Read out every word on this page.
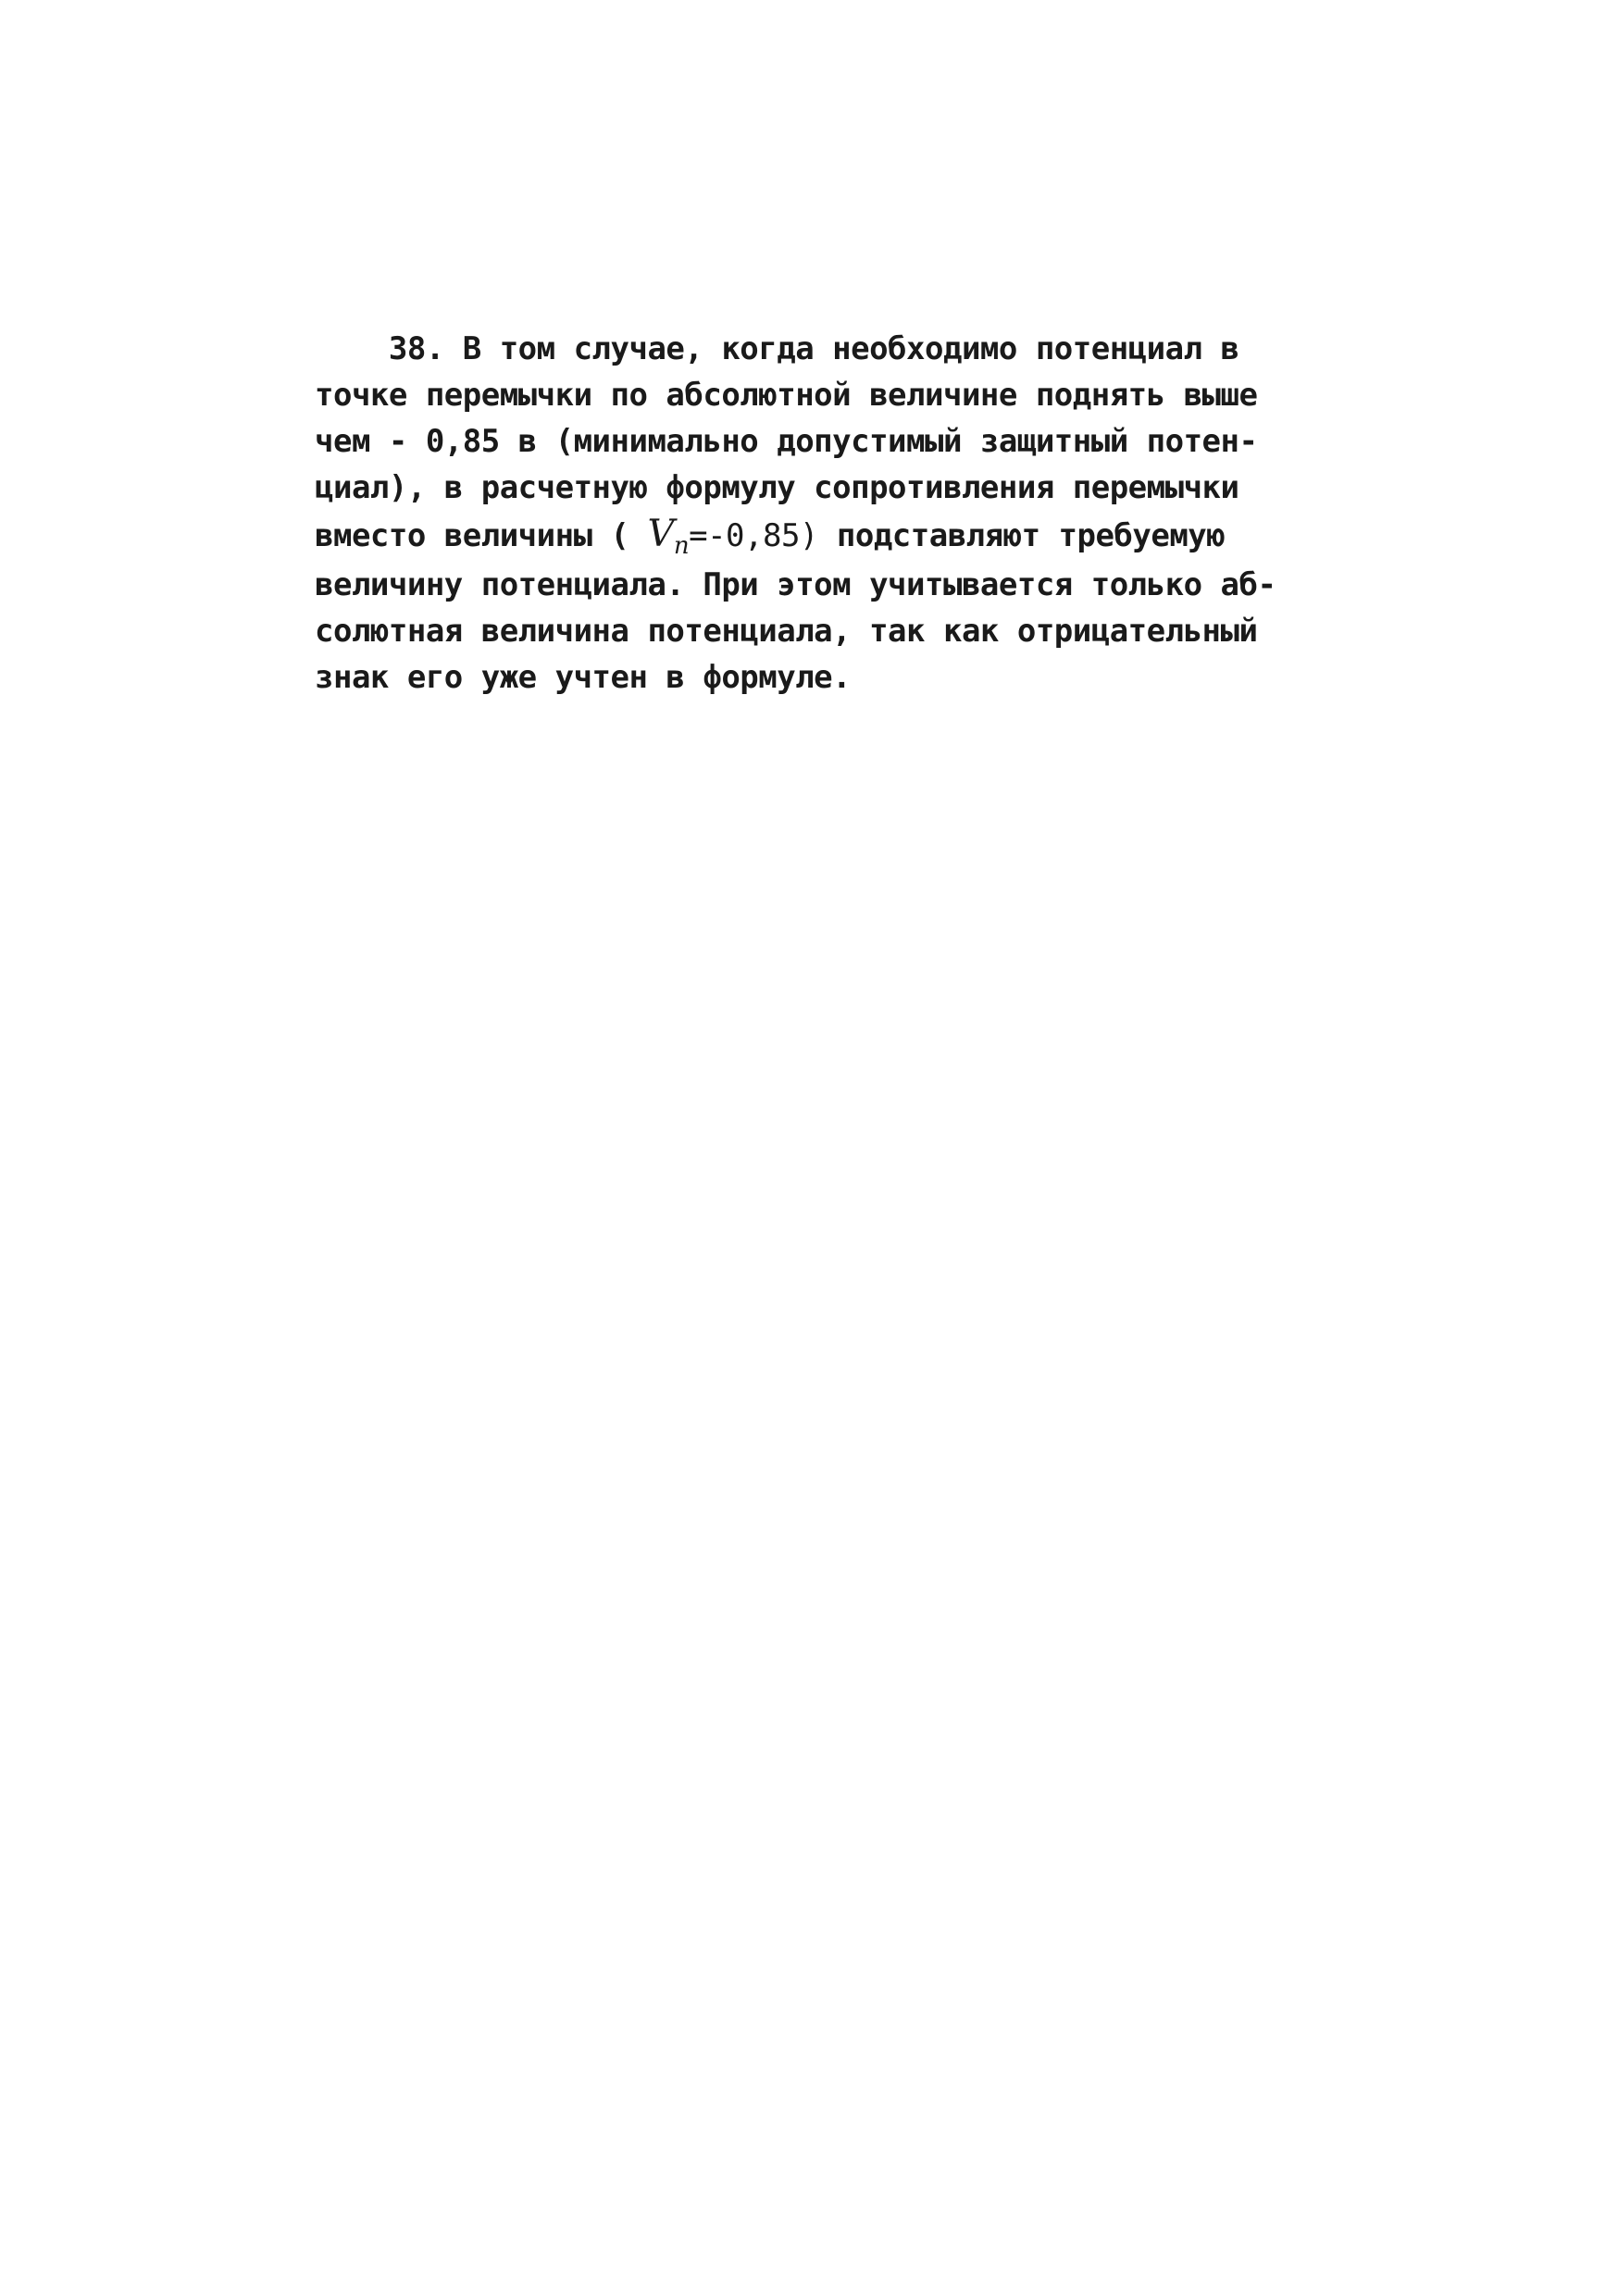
38. В том случае, когда необходимо потенциал в
точке перемычки по абсолютной величине поднять выше
чем - 0,85 в (минимально допустимый защитный потен-
циал), в расчетную формулу сопротивления перемычки
вместо величины ( $V_п=-0,85$) подставляют требуемую
величину потенциала. При этом учитывается только аб-
солютная величина потенциала, так как отрицательный
знак его уже учтен в формуле.
